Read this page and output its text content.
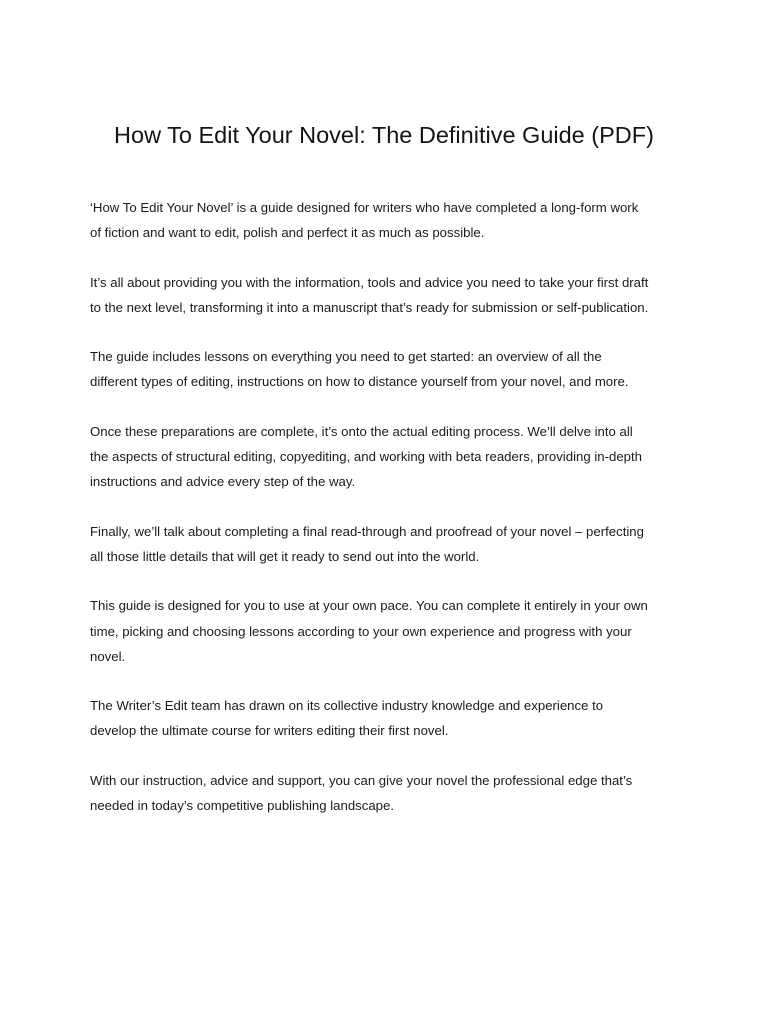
How To Edit Your Novel: The Definitive Guide (PDF)

‘How To Edit Your Novel’ is a guide designed for writers who have completed a long-form work
of fiction and want to edit, polish and perfect it as much as possible.

It’s all about providing you with the information, tools and advice you need to take your first draft
to the next level, transforming it into a manuscript that’s ready for submission or self-publication.

The guide includes lessons on everything you need to get started: an overview of all the
different types of editing, instructions on how to distance yourself from your novel, and more.

Once these preparations are complete, it’s onto the actual editing process. We’ll delve into all
the aspects of structural editing, copyediting, and working with beta readers, providing in-depth
instructions and advice every step of the way.

Finally, we’ll talk about completing a final read-through and proofread of your novel – perfecting
all those little details that will get it ready to send out into the world.

This guide is designed for you to use at your own pace. You can complete it entirely in your own
time, picking and choosing lessons according to your own experience and progress with your
novel.

The Writer’s Edit team has drawn on its collective industry knowledge and experience to
develop the ultimate course for writers editing their first novel.

With our instruction, advice and support, you can give your novel the professional edge that’s
needed in today’s competitive publishing landscape.
